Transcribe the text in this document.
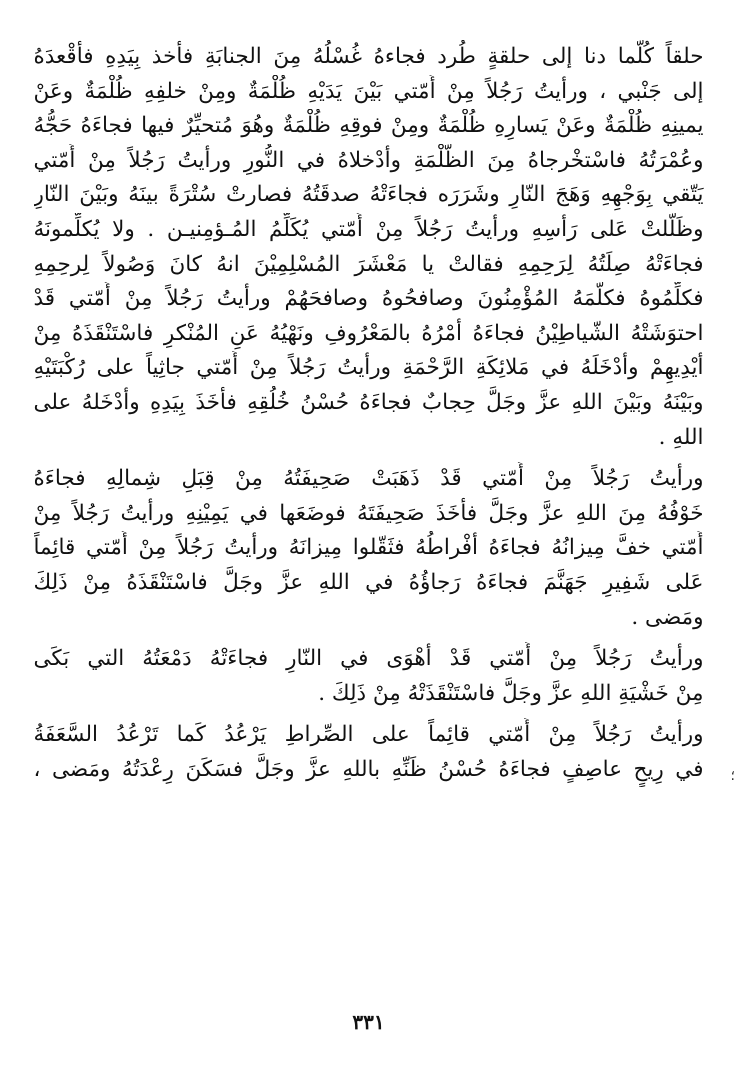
حلقاً كُلّما دنا إلى حلقةٍ طُرد فجاءهُ غُسْلُهُ مِنَ الجنابَةِ فأخذ بِيَدِهِ فأقْعدَهُ
إلى جَنْبي ، ورأيتُ رَجُلاً مِنْ أُمّتي بَيْنَ يَدَيْهِ ظُلْمَةٌ ومِنْ خلفِهِ ظُلْمَةٌ وعَنْ
يمينِهِ ظُلْمَةٌ وعَنْ يَسارِهِ ظُلْمَةٌ ومِنْ فوقِهِ ظُلْمَةٌ وهُوَ مُتحيِّرٌ فيها فجاءَهُ حَجُّهُ
وعُمْرَتُهُ فاسْتخْرجاهُ مِنَ الظُّلْمَةِ وأدْخلاهُ في النُّورِ ورأيتُ رَجُلاً مِنْ أُمّتي
يَتّقي بِوَجْهِهِ وَهَجَ النّارِ وشَرَرَه فجاءَتْهُ صدقَتُهُ فصارتْ سُتْرَةً بينَهُ وبَيْنَ النّارِ
وظَلَّلتْ عَلى رَأسِهِ ورأيتُ رَجُلاً مِنْ أُمّتي يُكَلِّمُ المُـؤمِنيـن . ولا يُكلِّمونَهُ
فجاءَتْهُ صِلَتُهُ لِرَحِمِهِ فقالتْ يا مَعْشَرَ المُسْلِمِيْنَ انهُ كانَ وَصُولاً لِرحِمِهِ
فكلِّمُوهُ فكلَّمَهُ المُؤْمِنُونَ وصافحُوهُ وصافحَهُمْ ورأيتُ رَجُلاً مِنْ أُمّتي قَدْ
احتوَشَتْهُ الشّياطِيْنُ فجاءَهُ أمْرُهُ بالمَعْرُوفِ ونَهْيُهُ عَنِ المُنْكرِ فاسْتَنْقَذَهُ مِنْ
أيْدِيهِمْ وأدْخَلَهُ في مَلائِكَةِ الرَّحْمَةِ ورأيتُ رَجُلاً مِنْ أُمّتي جاثِياً على رُكْبَتَيْهِ
وبَيْنَهُ وبَيْنَ اللهِ عزَّ وجَلَّ حِجابٌ فجاءَهُ حُسْنُ خُلُقِهِ فأخَذَ بِيَدِهِ وأدْخَلهُ على
اللهِ .
ورأيتُ رَجُلاً مِنْ أُمّتي قَدْ ذَهَبَتْ صَحِيفَتُهُ مِنْ قِبَلِ شِمالِهِ فجاءَهُ
خَوْفُهُ مِنَ اللهِ عزَّ وجَلَّ فأخَذَ صَحِيفَتَهُ فوضَعَها في يَمِيْنِهِ ورأيتُ رَجُلاً مِنْ
أُمّتي خفَّ مِيزانُهُ فجاءَهُ أفْراطُهُ فثَقّلوا مِيزانَهُ ورأيتُ رَجُلاً مِنْ أُمّتي قائِماً
عَلى شَفِيرِ جَهَنَّمَ فجاءَهُ رَجاؤُهُ في اللهِ عزَّ وجَلَّ فاسْتَنْقَذَهُ مِنْ ذَلِكَ
ومَضى .
ورأيتُ رَجُلاً مِنْ أُمّتي قَدْ أهْوَى في النّارِ فجاءَتْهُ دَمْعَتُهُ التي بَكَى
مِنْ خَشْيَةِ اللهِ عزَّ وجَلَّ فاسْتَنْقَذَتْهُ مِنْ ذَلِكَ .
ورأيتُ رَجُلاً مِنْ أُمّتي قائِماً على الصِّراطِ يَرْعُدُ كَما تَرْعُدُ السَّعَفَةُ
في رِيحٍ عاصِفٍ فجاءَهُ حُسْنُ ظَنِّهِ باللهِ عزَّ وجَلَّ فسَكَنَ رِعْدَتُهُ ومَضى ، ؛
٣٣١
